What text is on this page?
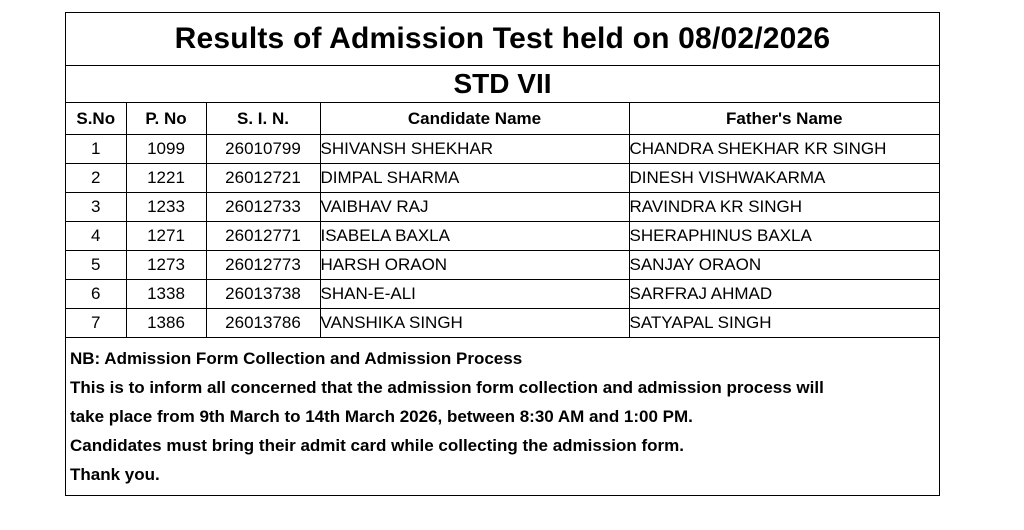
Results of Admission Test held on 08/02/2026
STD VII
S.No	P. No	S. I. N.	Candidate Name	Father's Name
1	1099	26010799	SHIVANSH SHEKHAR	CHANDRA SHEKHAR KR SINGH
2	1221	26012721	DIMPAL SHARMA	DINESH VISHWAKARMA
3	1233	26012733	VAIBHAV RAJ	RAVINDRA KR SINGH
4	1271	26012771	ISABELA BAXLA	SHERAPHINUS BAXLA
5	1273	26012773	HARSH ORAON	SANJAY ORAON
6	1338	26013738	SHAN-E-ALI	SARFRAJ AHMAD
7	1386	26013786	VANSHIKA SINGH	SATYAPAL SINGH
NB: Admission Form Collection and Admission Process
This is to inform all concerned that the admission form collection and admission process will
take place from 9th March to 14th March 2026, between 8:30 AM and 1:00 PM.
Candidates must bring their admit card while collecting the admission form.
Thank you.
